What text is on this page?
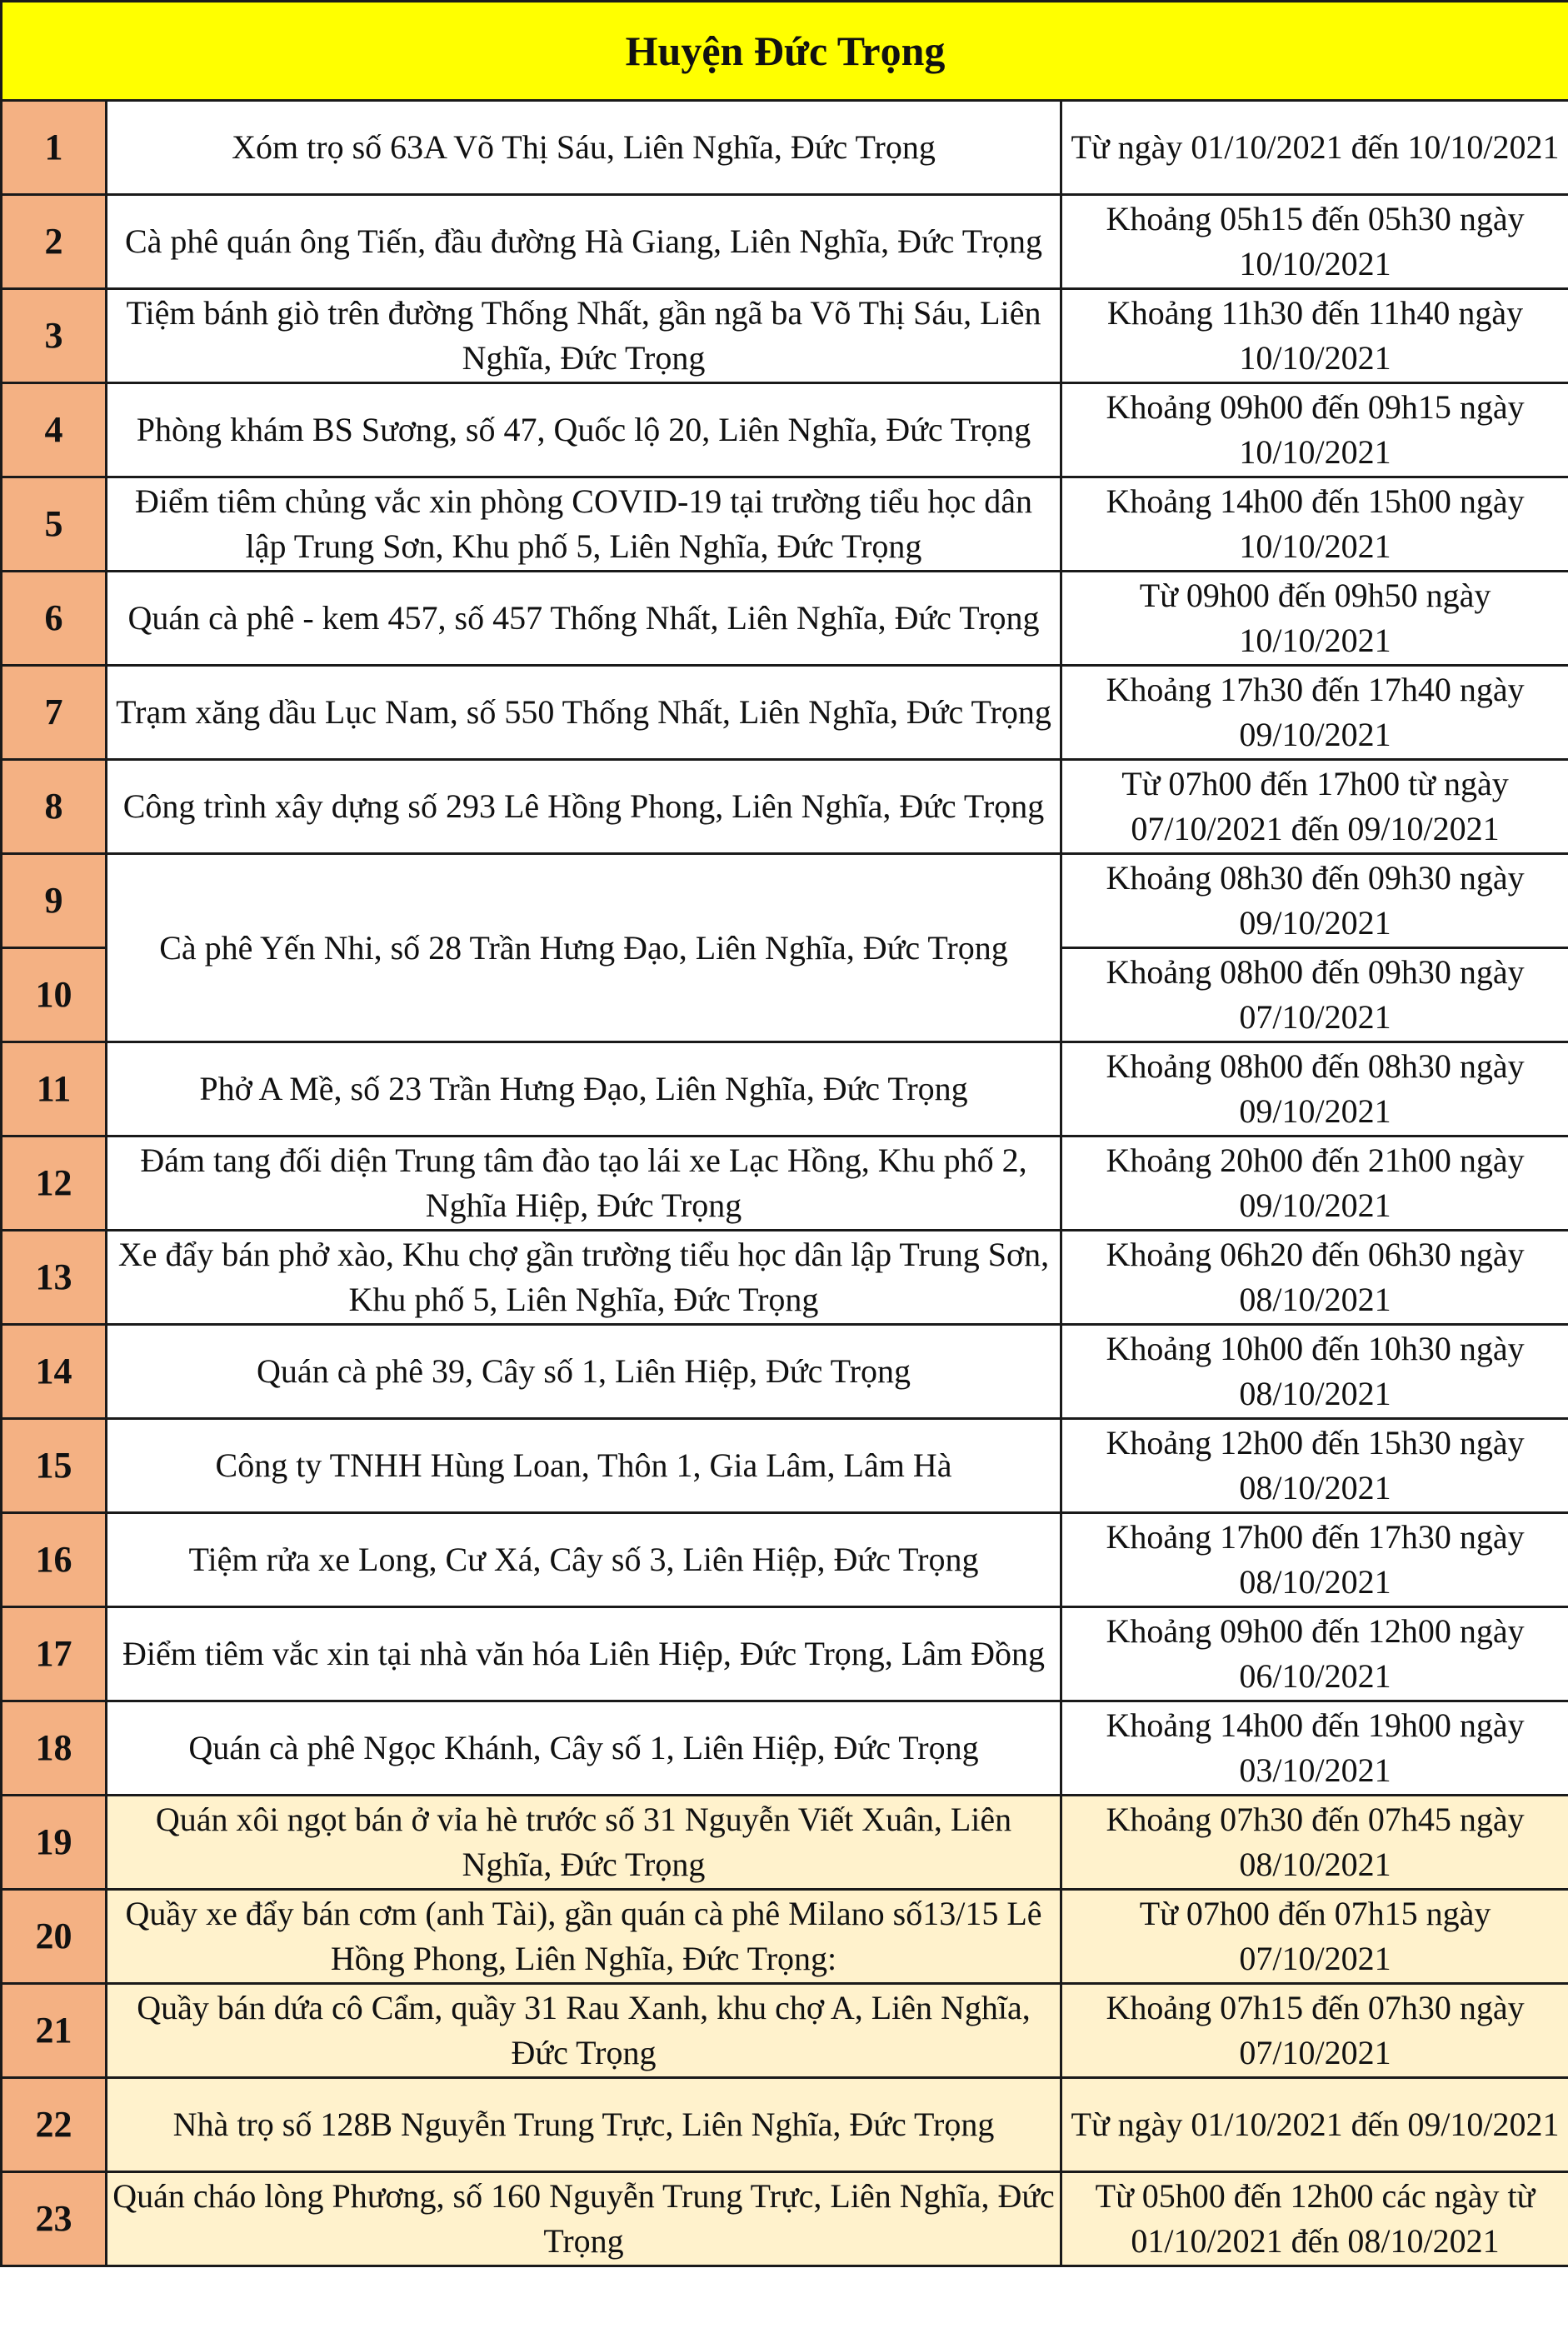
Huyện Đức Trọng		
1	Xóm trọ số 63A Võ Thị Sáu, Liên Nghĩa, Đức Trọng	Từ ngày 01/10/2021 đến 10/10/2021
2	Cà phê quán ông Tiến, đầu đường Hà Giang, Liên Nghĩa, Đức Trọng	Khoảng 05h15 đến 05h30 ngày 10/10/2021
3	Tiệm bánh giò trên đường Thống Nhất, gần ngã ba Võ Thị Sáu, Liên Nghĩa, Đức Trọng	Khoảng 11h30 đến 11h40 ngày 10/10/2021
4	Phòng khám BS Sương, số 47, Quốc lộ 20, Liên Nghĩa, Đức Trọng	Khoảng 09h00 đến 09h15 ngày 10/10/2021
5	Điểm tiêm chủng vắc xin phòng COVID-19 tại trường tiểu học dân lập Trung Sơn, Khu phố 5, Liên Nghĩa, Đức Trọng	Khoảng 14h00 đến 15h00 ngày 10/10/2021
6	Quán cà phê - kem 457, số 457 Thống Nhất, Liên Nghĩa, Đức Trọng	Từ 09h00 đến 09h50 ngày 10/10/2021
7	Trạm xăng dầu Lục Nam, số 550 Thống Nhất, Liên Nghĩa, Đức Trọng	Khoảng 17h30 đến 17h40 ngày 09/10/2021
8	Công trình xây dựng số 293 Lê Hồng Phong, Liên Nghĩa, Đức Trọng	Từ 07h00 đến 17h00 từ ngày 07/10/2021 đến 09/10/2021
9	Cà phê Yến Nhi, số 28 Trần Hưng Đạo, Liên Nghĩa, Đức Trọng	Khoảng 08h30 đến 09h30 ngày 09/10/2021
10		Khoảng 08h00 đến 09h30 ngày 07/10/2021
11	Phở A Mề, số 23 Trần Hưng Đạo, Liên Nghĩa, Đức Trọng	Khoảng 08h00 đến 08h30 ngày 09/10/2021
12	Đám tang đối diện Trung tâm đào tạo lái xe Lạc Hồng, Khu phố 2, Nghĩa Hiệp, Đức Trọng	Khoảng 20h00 đến 21h00 ngày 09/10/2021
13	Xe đẩy bán phở xào, Khu chợ gần trường tiểu học dân lập Trung Sơn, Khu phố 5, Liên Nghĩa, Đức Trọng	Khoảng 06h20 đến 06h30 ngày 08/10/2021
14	Quán cà phê 39, Cây số 1, Liên Hiệp, Đức Trọng	Khoảng 10h00 đến 10h30 ngày 08/10/2021
15	Công ty TNHH Hùng Loan, Thôn 1, Gia Lâm, Lâm Hà	Khoảng 12h00 đến 15h30 ngày 08/10/2021
16	Tiệm rửa xe Long, Cư Xá, Cây số 3, Liên Hiệp, Đức Trọng	Khoảng 17h00 đến 17h30 ngày 08/10/2021
17	Điểm tiêm vắc xin tại nhà văn hóa Liên Hiệp, Đức Trọng, Lâm Đồng	Khoảng 09h00 đến 12h00 ngày 06/10/2021
18	Quán cà phê Ngọc Khánh, Cây số 1, Liên Hiệp, Đức Trọng	Khoảng 14h00 đến 19h00 ngày 03/10/2021
19	Quán xôi ngọt bán ở vỉa hè trước số 31 Nguyễn Viết Xuân, Liên Nghĩa, Đức Trọng	Khoảng 07h30 đến 07h45 ngày 08/10/2021
20	Quầy xe đẩy bán cơm (anh Tài), gần quán cà phê Milano số13/15 Lê Hồng Phong, Liên Nghĩa, Đức Trọng:	Từ 07h00 đến 07h15 ngày 07/10/2021
21	Quầy bán dứa cô Cẩm, quầy 31 Rau Xanh, khu chợ A, Liên Nghĩa, Đức Trọng	Khoảng 07h15 đến 07h30 ngày 07/10/2021
22	Nhà trọ số 128B Nguyễn Trung Trực, Liên Nghĩa, Đức Trọng	Từ ngày 01/10/2021 đến 09/10/2021
23	Quán cháo lòng Phương, số 160 Nguyễn Trung Trực, Liên Nghĩa, Đức Trọng	Từ 05h00 đến 12h00 các ngày từ 01/10/2021 đến 08/10/2021
